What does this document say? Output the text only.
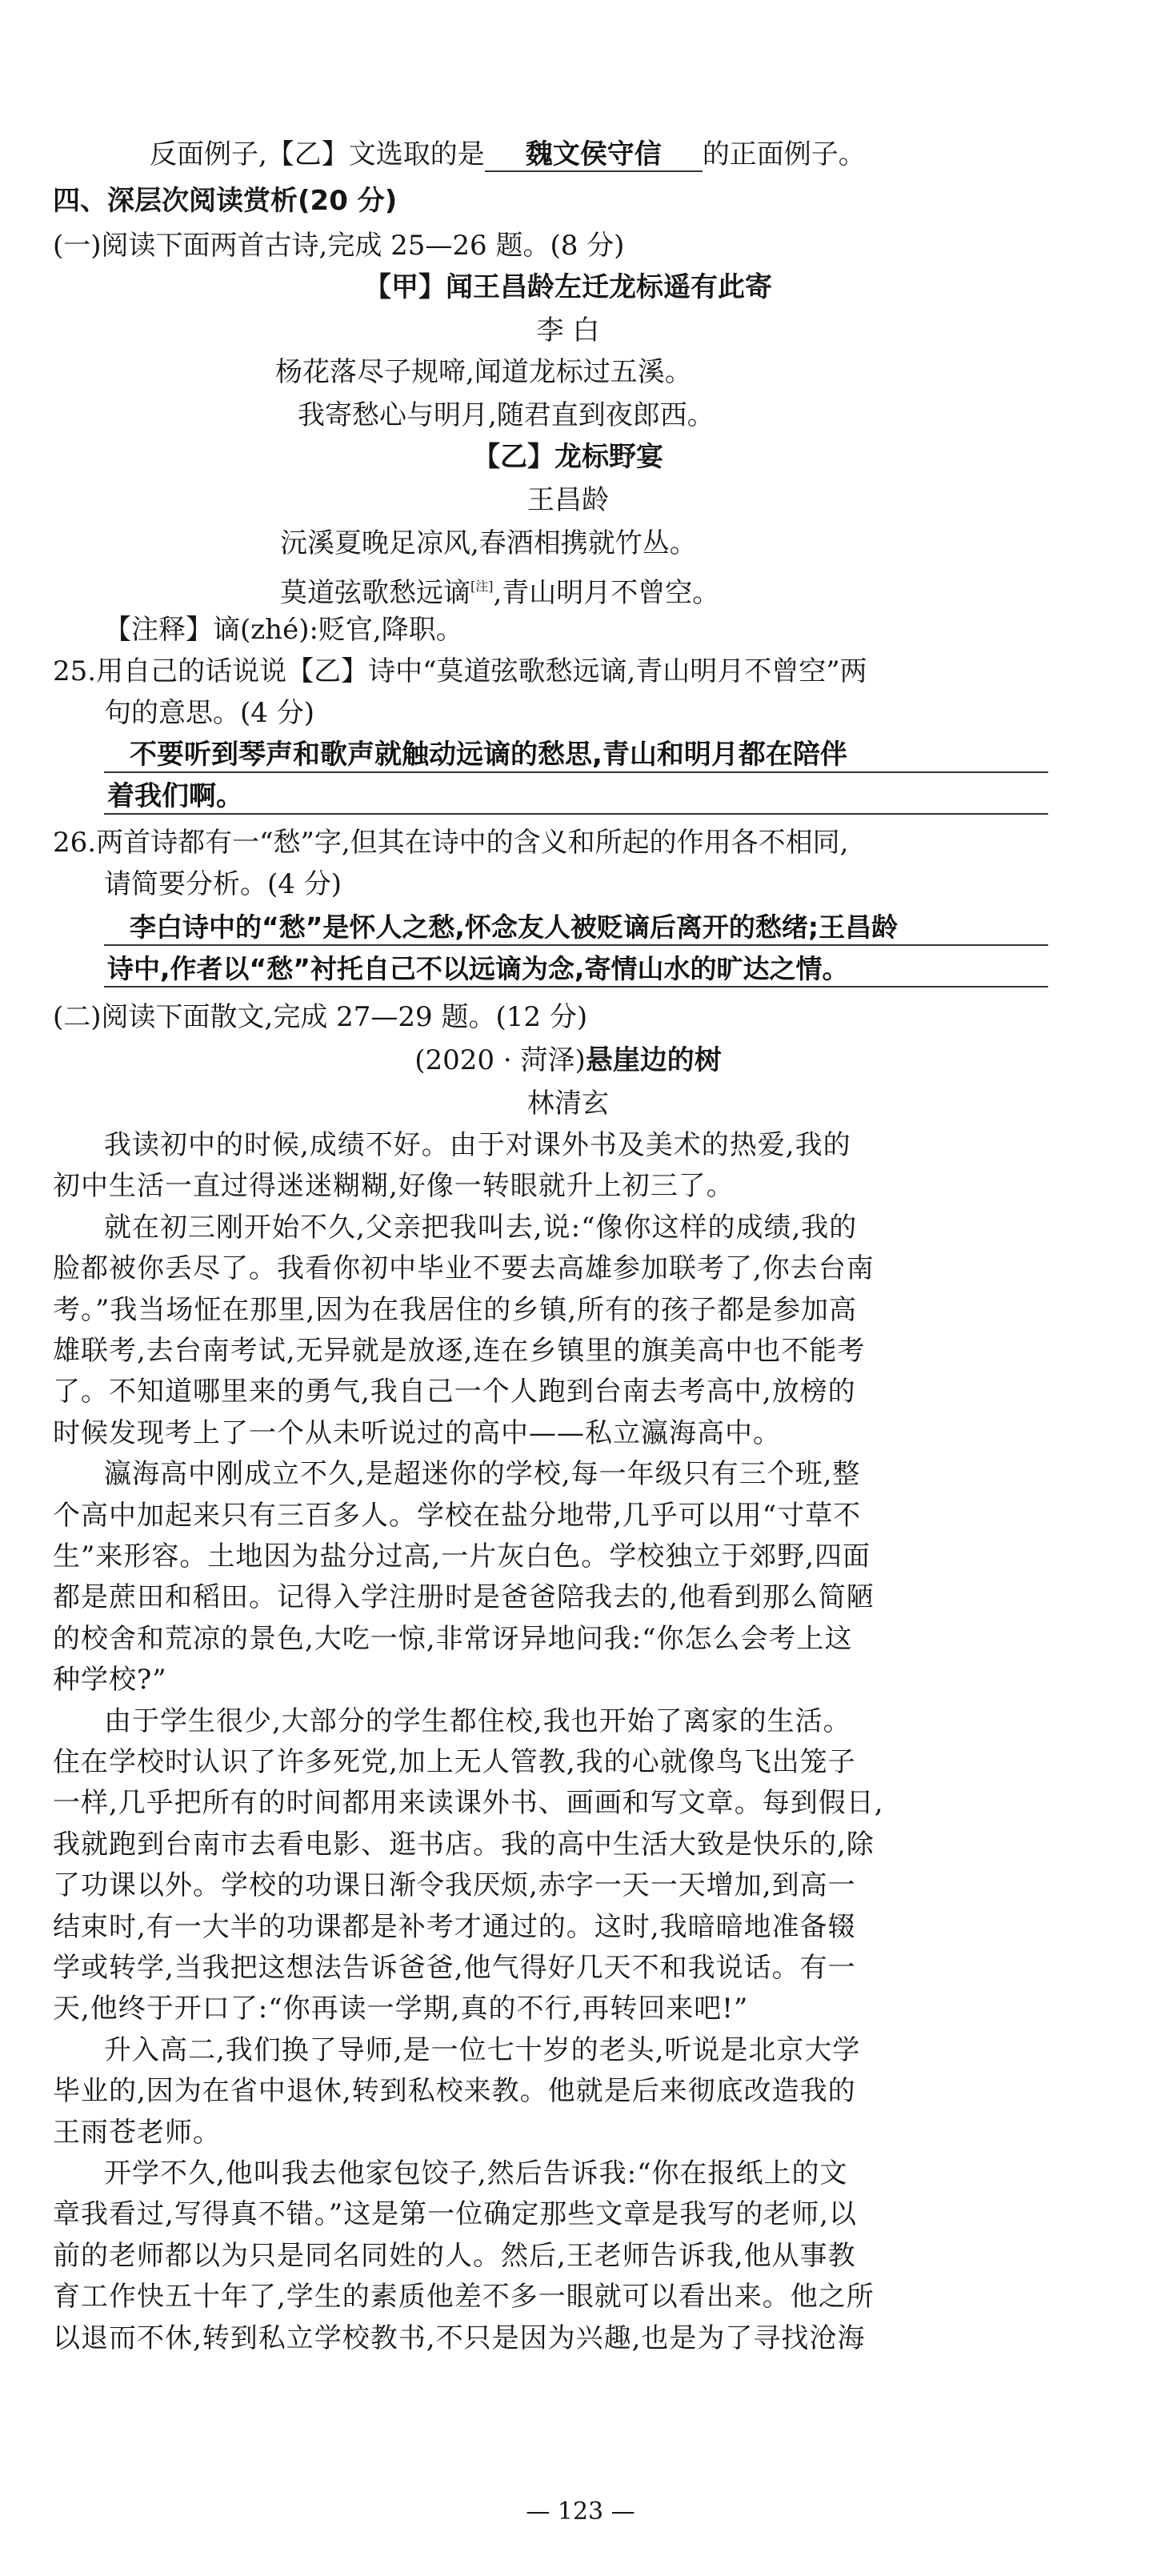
反面例子,【乙】文选取的是 魏文侯守信 的正面例子。
四、深层次阅读赏析(20 分)
(一)阅读下面两首古诗,完成 25—26 题。(8 分)
【甲】闻王昌龄左迁龙标遥有此寄
李 白
杨花落尽子规啼,闻道龙标过五溪。
我寄愁心与明月,随君直到夜郎西。
【乙】龙标野宴
王昌龄
沅溪夏晚足凉风,春酒相携就竹丛。
莫道弦歌愁远谪[注],青山明月不曾空。
【注释】谪(zhé):贬官,降职。
25.用自己的话说说【乙】诗中“莫道弦歌愁远谪,青山明月不曾空”两
句的意思。(4 分)
不要听到琴声和歌声就触动远谪的愁思,青山和明月都在陪伴
着我们啊。
26.两首诗都有一“愁”字,但其在诗中的含义和所起的作用各不相同,
请简要分析。(4 分)
李白诗中的“愁”是怀人之愁,怀念友人被贬谪后离开的愁绪;王昌龄
诗中,作者以“愁”衬托自己不以远谪为念,寄情山水的旷达之情。
(二)阅读下面散文,完成 27—29 题。(12 分)
(2020 · 菏泽)悬崖边的树
林清玄
我读初中的时候,成绩不好。由于对课外书及美术的热爱,我的
初中生活一直过得迷迷糊糊,好像一转眼就升上初三了。
就在初三刚开始不久,父亲把我叫去,说:“像你这样的成绩,我的
脸都被你丢尽了。我看你初中毕业不要去高雄参加联考了,你去台南
考。”我当场怔在那里,因为在我居住的乡镇,所有的孩子都是参加高
雄联考,去台南考试,无异就是放逐,连在乡镇里的旗美高中也不能考
了。不知道哪里来的勇气,我自己一个人跑到台南去考高中,放榜的
时候发现考上了一个从未听说过的高中——私立瀛海高中。
瀛海高中刚成立不久,是超迷你的学校,每一年级只有三个班,整
个高中加起来只有三百多人。学校在盐分地带,几乎可以用“寸草不
生”来形容。土地因为盐分过高,一片灰白色。学校独立于郊野,四面
都是蔗田和稻田。记得入学注册时是爸爸陪我去的,他看到那么简陋
的校舍和荒凉的景色,大吃一惊,非常讶异地问我:“你怎么会考上这
种学校?”
由于学生很少,大部分的学生都住校,我也开始了离家的生活。
住在学校时认识了许多死党,加上无人管教,我的心就像鸟飞出笼子
一样,几乎把所有的时间都用来读课外书、画画和写文章。每到假日,
我就跑到台南市去看电影、逛书店。我的高中生活大致是快乐的,除
了功课以外。学校的功课日渐令我厌烦,赤字一天一天增加,到高一
结束时,有一大半的功课都是补考才通过的。这时,我暗暗地准备辍
学或转学,当我把这想法告诉爸爸,他气得好几天不和我说话。有一
天,他终于开口了:“你再读一学期,真的不行,再转回来吧!”
升入高二,我们换了导师,是一位七十岁的老头,听说是北京大学
毕业的,因为在省中退休,转到私校来教。他就是后来彻底改造我的
王雨苍老师。
开学不久,他叫我去他家包饺子,然后告诉我:“你在报纸上的文
章我看过,写得真不错。”这是第一位确定那些文章是我写的老师,以
前的老师都以为只是同名同姓的人。然后,王老师告诉我,他从事教
育工作快五十年了,学生的素质他差不多一眼就可以看出来。他之所
以退而不休,转到私立学校教书,不只是因为兴趣,也是为了寻找沧海
— 123 —
